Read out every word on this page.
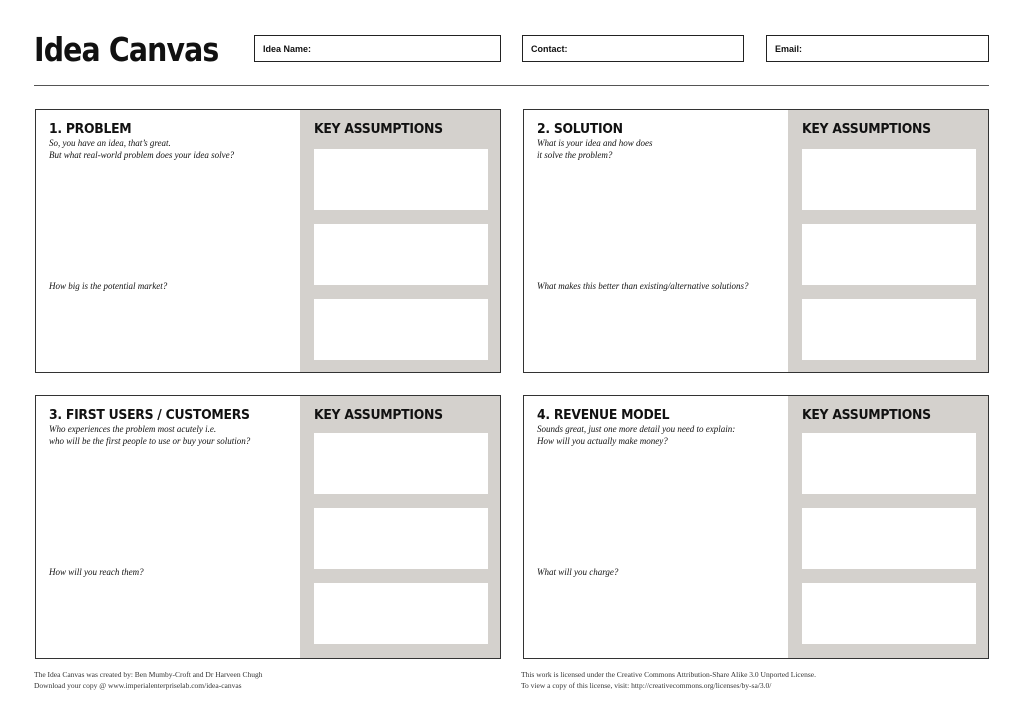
Idea Canvas	Idea Name:	Contact:	Email:
1. PROBLEM
So, you have an idea, that’s great.
But what real-world problem does your idea solve?
How big is the potential market?
KEY ASSUMPTIONS	2. SOLUTION
What is your idea and how does
it solve the problem?
What makes this better than existing/alternative solutions?
KEY ASSUMPTIONS
3. FIRST USERS / CUSTOMERS
Who experiences the problem most acutely i.e.
who will be the first people to use or buy your solution?
How will you reach them?
KEY ASSUMPTIONS	4. REVENUE MODEL
Sounds great, just one more detail you need to explain:
How will you actually make money?
What will you charge?
KEY ASSUMPTIONS
The Idea Canvas was created by: Ben Mumby-Croft and Dr Harveen Chugh
Download your copy @ www.imperialenterpriselab.com/idea-canvas
This work is licensed under the Creative Commons Attribution-Share Alike 3.0 Unported License.
To view a copy of this license, visit: http://creativecommons.org/licenses/by-sa/3.0/
